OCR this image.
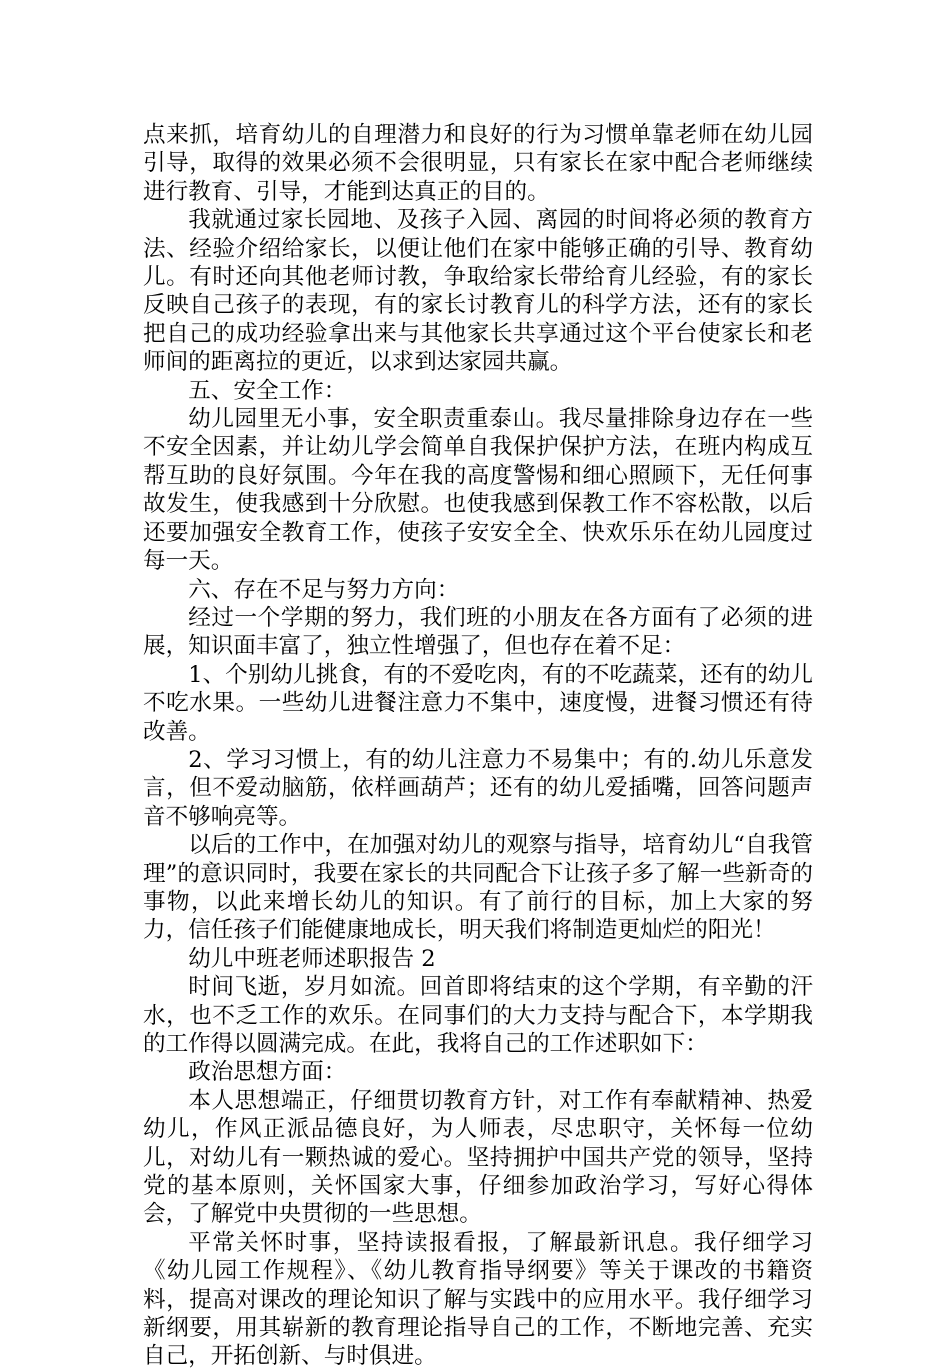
点来抓，培育幼儿的自理潜力和良好的行为习惯单靠老师在幼儿园引导，取得的效果必须不会很明显，只有家长在家中配合老师继续进行教育、引导，才能到达真正的目的。

我就通过家长园地、及孩子入园、离园的时间将必须的教育方法、经验介绍给家长，以便让他们在家中能够正确的引导、教育幼儿。有时还向其他老师讨教，争取给家长带给育儿经验，有的家长反映自己孩子的表现，有的家长讨教育儿的科学方法，还有的家长把自己的成功经验拿出来与其他家长共享通过这个平台使家长和老师间的距离拉的更近，以求到达家园共赢。

五、安全工作：

幼儿园里无小事，安全职责重泰山。我尽量排除身边存在一些不安全因素，并让幼儿学会简单自我保护保护方法，在班内构成互帮互助的良好氛围。今年在我的高度警惕和细心照顾下，无任何事故发生，使我感到十分欣慰。也使我感到保教工作不容松散，以后还要加强安全教育工作，使孩子安安全全、快欢乐乐在幼儿园度过每一天。

六、存在不足与努力方向：

经过一个学期的努力，我们班的小朋友在各方面有了必须的进展，知识面丰富了，独立性增强了，但也存在着不足：

1、个别幼儿挑食，有的不爱吃肉，有的不吃蔬菜，还有的幼儿不吃水果。一些幼儿进餐注意力不集中，速度慢，进餐习惯还有待改善。

2、学习习惯上，有的幼儿注意力不易集中；有的.幼儿乐意发言，但不爱动脑筋，依样画葫芦；还有的幼儿爱插嘴，回答问题声音不够响亮等。

以后的工作中，在加强对幼儿的观察与指导，培育幼儿“自我管理”的意识同时，我要在家长的共同配合下让孩子多了解一些新奇的事物，以此来增长幼儿的知识。有了前行的目标，加上大家的努力，信任孩子们能健康地成长，明天我们将制造更灿烂的阳光！

幼儿中班老师述职报告 2

时间飞逝，岁月如流。回首即将结束的这个学期，有辛勤的汗水，也不乏工作的欢乐。在同事们的大力支持与配合下，本学期我的工作得以圆满完成。在此，我将自己的工作述职如下：

政治思想方面：

本人思想端正，仔细贯切教育方针，对工作有奉献精神、热爱幼儿，作风正派品德良好，为人师表，尽忠职守，关怀每一位幼儿，对幼儿有一颗热诚的爱心。坚持拥护中国共产党的领导，坚持党的基本原则，关怀国家大事，仔细参加政治学习，写好心得体会，了解党中央贯彻的一些思想。

平常关怀时事，坚持读报看报，了解最新讯息。我仔细学习《幼儿园工作规程》、《幼儿教育指导纲要》等关于课改的书籍资料，提高对课改的理论知识了解与实践中的应用水平。我仔细学习新纲要，用其崭新的教育理论指导自己的工作，不断地完善、充实自己，开拓创新、与时俱进。
